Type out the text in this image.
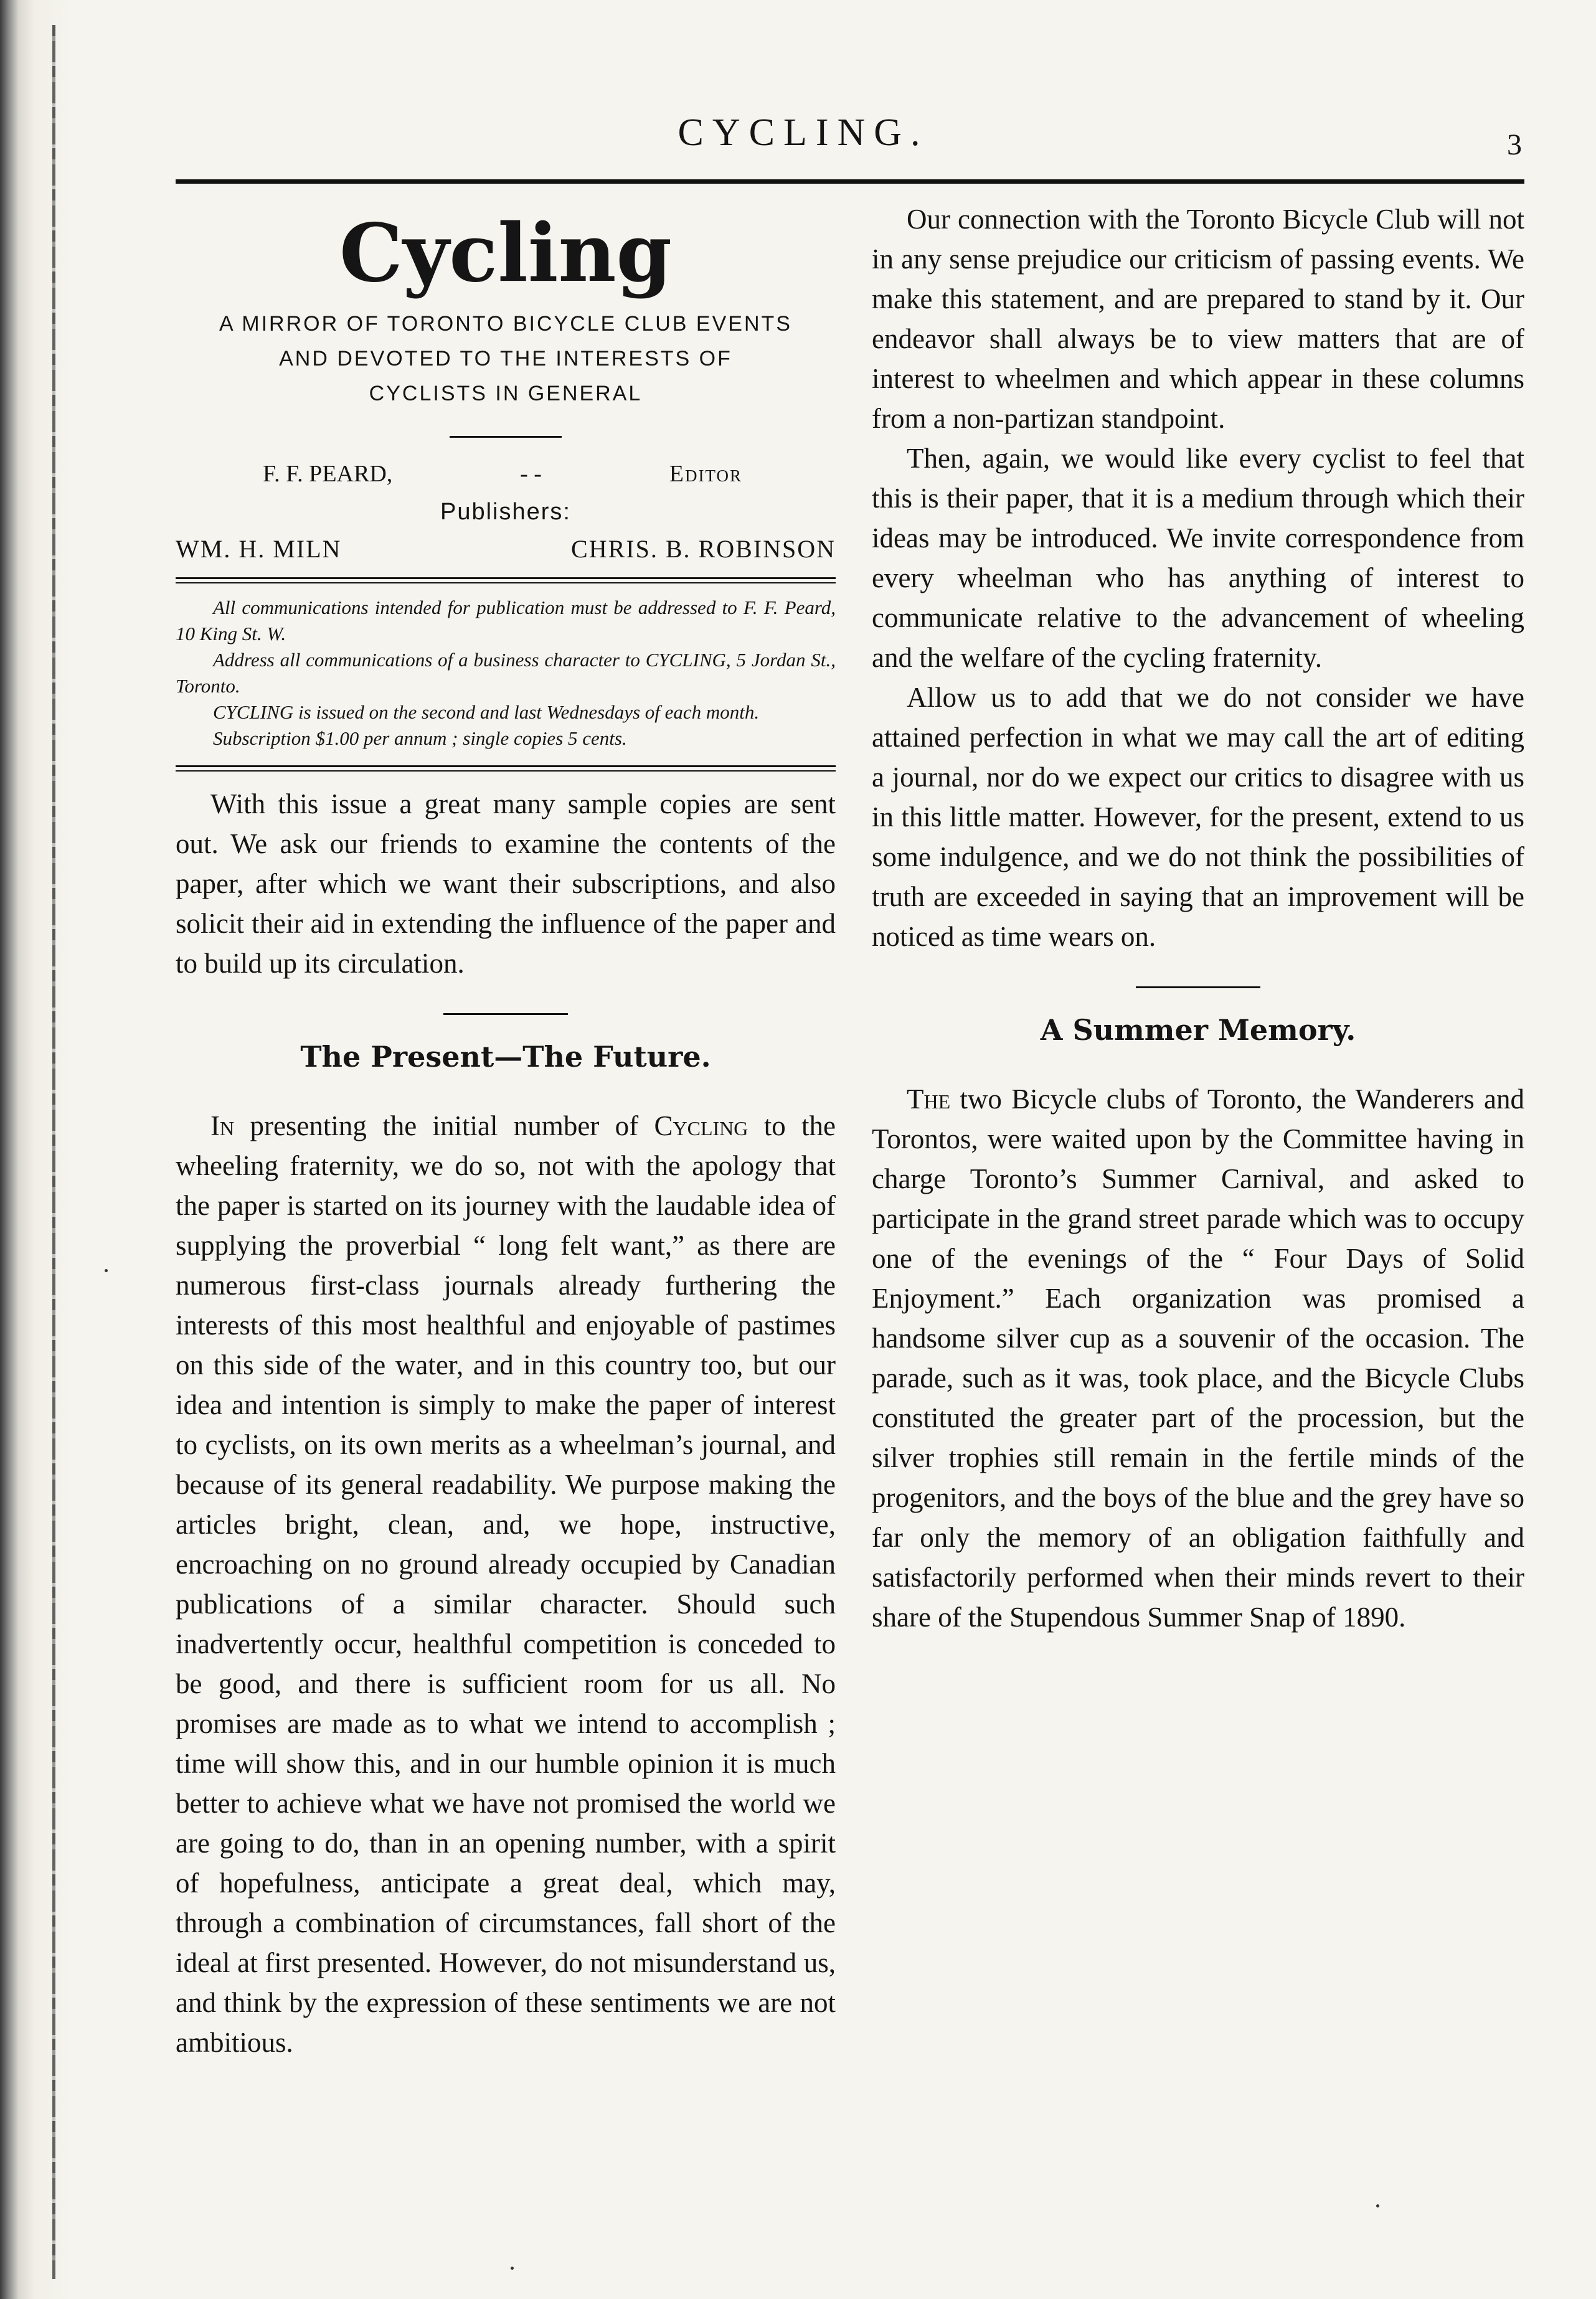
CYCLING.	3
Cycling
A MIRROR OF TORONTO BICYCLE CLUB EVENTS
AND DEVOTED TO THE INTERESTS OF
CYCLISTS IN GENERAL
F. F. PEARD,	- -	Editor
Publishers:
WM. H. MILN	CHRIS. B. ROBINSON

All communications intended for publication must be addressed to F. F. Peard, 10 King St. W.

Address all communications of a business character to CYCLING, 5 Jordan St., Toronto.

CYCLING is issued on the second and last Wednesdays of each month.

Subscription $1.00 per annum ; single copies 5 cents.

With this issue a great many sample copies are sent out. We ask our friends to examine the contents of the paper, after which we want their subscriptions, and also solicit their aid in extending the influence of the paper and to build up its circulation.

The Present—The Future.

In presenting the initial number of Cycling to the wheeling fraternity, we do so, not with the apology that the paper is started on its journey with the laudable idea of supplying the proverbial “ long felt want,” as there are numerous first-class journals already furthering the interests of this most healthful and enjoyable of pastimes on this side of the water, and in this country too, but our idea and intention is simply to make the paper of interest to cyclists, on its own merits as a wheelman’s journal, and because of its general readability. We purpose making the articles bright, clean, and, we hope, instructive, encroaching on no ground already occupied by Canadian publications of a similar character. Should such inadvertently occur, healthful competition is conceded to be good, and there is sufficient room for us all. No promises are made as to what we intend to accomplish ; time will show this, and in our humble opinion it is much better to achieve what we have not promised the world we are going to do, than in an opening number, with a spirit of hopefulness, anticipate a great deal, which may, through a combination of circumstances, fall short of the ideal at first presented. However, do not misunderstand us, and think by the expression of these sentiments we are not ambitious.

Our connection with the Toronto Bicycle Club will not in any sense prejudice our criticism of passing events. We make this statement, and are prepared to stand by it. Our endeavor shall always be to view matters that are of interest to wheelmen and which appear in these columns from a non-partizan standpoint.

Then, again, we would like every cyclist to feel that this is their paper, that it is a medium through which their ideas may be introduced. We invite correspondence from every wheelman who has anything of interest to communicate relative to the advancement of wheeling and the welfare of the cycling fraternity.

Allow us to add that we do not consider we have attained perfection in what we may call the art of editing a journal, nor do we expect our critics to disagree with us in this little matter. However, for the present, extend to us some indulgence, and we do not think the possibilities of truth are exceeded in saying that an improvement will be noticed as time wears on.

A Summer Memory.

The two Bicycle clubs of Toronto, the Wanderers and Torontos, were waited upon by the Committee having in charge Toronto’s Summer Carnival, and asked to participate in the grand street parade which was to occupy one of the evenings of the “ Four Days of Solid Enjoyment.” Each organization was promised a handsome silver cup as a souvenir of the occasion. The parade, such as it was, took place, and the Bicycle Clubs constituted the greater part of the procession, but the silver trophies still remain in the fertile minds of the progenitors, and the boys of the blue and the grey have so far only the memory of an obligation faithfully and satisfactorily performed when their minds revert to their share of the Stupendous Summer Snap of 1890.
